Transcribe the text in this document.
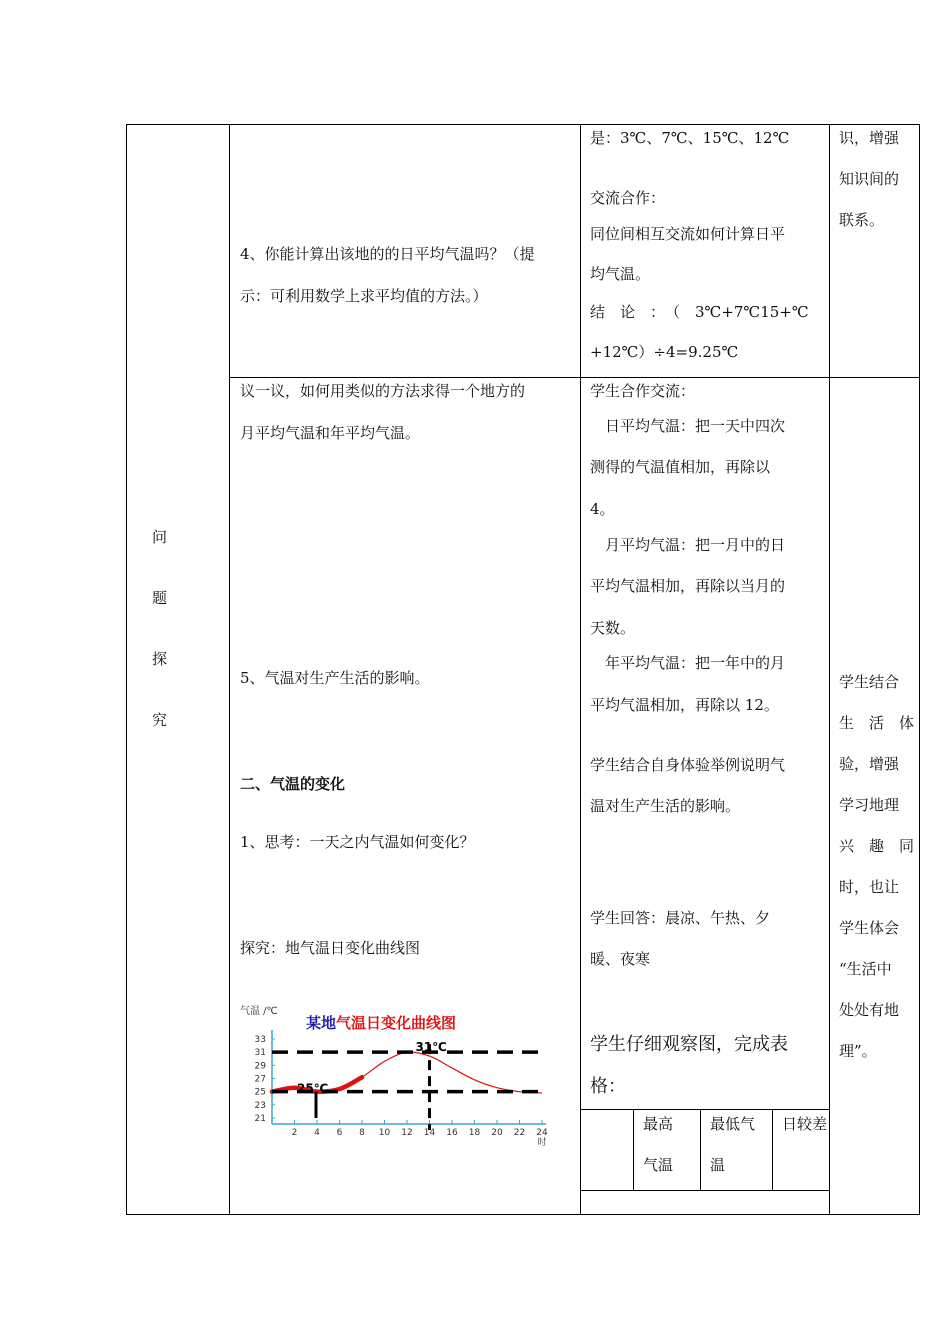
问
题
探
究
4、你能计算出该地的的日平均气温吗？（提
示：可利用数学上求平均值的方法。）
是：3℃、7℃、15℃、12℃
交流合作：
同位间相互交流如何计算日平
均气温。
结　论　：　（　3℃+7℃15+℃
+12℃）÷4=9.25℃
识，增强
知识间的
联系。
议一议，如何用类似的方法求得一个地方的
月平均气温和年平均气温。
5、气温对生产生活的影响。
二、气温的变化
1、思考：一天之内气温如何变化？
探究：地气温日变化曲线图
气温 /℃
某地气温日变化曲线图
33
31
29
27
25
23
21
2 4 6 8 10 12 14 16 18 20 22 24
时
31℃
25℃
学生合作交流：
　日平均气温：把一天中四次
测得的气温值相加，再除以
4。
　月平均气温：把一月中的日
平均气温相加，再除以当月的
天数。
　年平均气温：把一年中的月
平均气温相加，再除以 12。
学生结合自身体验举例说明气
温对生产生活的影响。
学生回答：晨凉、午热、夕
暖、夜寒
学生仔细观察图，完成表
格：
最高
气温
最低气
温
日较差
学生结合
生　活　体
验，增强
学习地理
兴　趣　同
时，也让
学生体会
“生活中
处处有地
理”。
